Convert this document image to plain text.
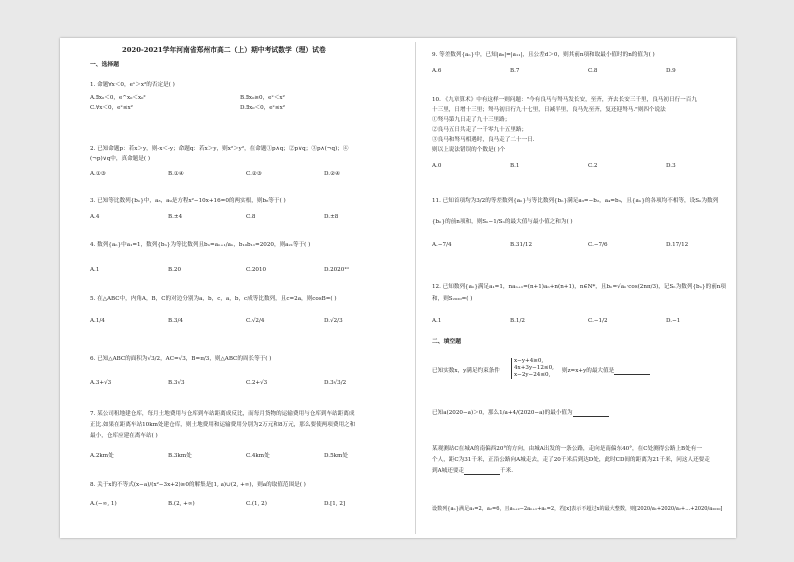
2020-2021学年河南省郑州市高二（上）期中考试数学（理）试卷
一、选择题
1. 命题∀x＜0，eˣ＞x²的否定是( )
A.∃x₀＜0，e^x₀＜x₀²	B.∃x₀≥0，eˣ＜x²
C.∀x＜0，eˣ≤x²	D.∃x₀＜0，eˣ≤x²
2. 已知命题p：若x＞y，则-x＜-y；命题q：若x＞y，则x²＞y²，在命题①p∧q；②p∨q；③p∧(¬q)；④
(¬p)∨q中，真命题是( )
A.①③	B.①④	C.②③	D.②④
3. 已知等比数列{bₙ}中，a₃，a₉是方程x²−10x+16=0的两实根，则b₆等于( )
A.4	B.±4	C.8	D.±8
4. 数列{aₙ}中a₁=1，数列{bₙ}为等比数列且bₙ=aₙ₊₁/aₙ，b₁₀b₁₁=2020，则a₂₁等于( )
A.1	B.20	C.2010	D.2020¹⁰
5. 在△ABC中，内角A，B，C的对边分别为a，b，c，a，b，c成等比数列，且c=2a，则cosB=( )
A.1/4	B.3/4	C.√2/4	D.√2/3
6. 已知△ABC的面积为√3/2，AC=√3，B=π/3，则△ABC的周长等于( )
A.3+√3	B.3√3	C.2+√3	D.3√3/2
7. 某公司租地建仓库，每月土地费用与仓库到车站距离成反比，而每月货物的运输费用与仓库到车站距离成
正比.如果在距离车站10km处建仓库，则土地费用和运输费用分别为2万元和8万元，那么要使两项费用之和
最小，仓库应建在离车站( )
A.2km处	B.3km处	C.4km处	D.5km处
8. 关于x的不等式(x−a)/(x²−3x+2)≥0的解集是[1, a)∪(2, +∞)，则a的取值范围是( )
A.(−∞, 1)	B.(2, +∞)	C.(1, 2)	D.[1, 2]
9. 等差数列{aₙ}中，已知|a₆|=|a₁₁|，且公差d＞0，则其前n项和取最小值时的n的值为( )
A.6	B.7	C.8	D.9
10. 《九章算术》中有这样一则问题："今有良马与驽马发长安，至齐，齐去长安三千里，良马初日行一百九
十三里，日增十三里；驽马初日行九十七里，日减半里，良马先至齐，复还迎驽马."则四个说法
①驽马第九日走了九十三里路；
②良马五日共走了一千零九十五里路；
③良马和驽马相遇时，良马走了二十一日.
则以上说法错误的个数是( )个
A.0	B.1	C.2	D.3
11. 已知首项均为3/2的等差数列{aₙ}与等比数列{bₙ}满足a₃=−b₂，a₄=b₃，且{aₙ}的各项均不相等，设Sₙ为数列
{bₙ}的前n项和，则Sₙ−1/Sₙ的最大值与最小值之和为( )
A.−7/4	B.31/12	C.−7/6	D.17/12
12. 已知数列{aₙ}满足a₁=1，naₙ₊₁=(n+1)aₙ+n(n+1)，n∈N*，且bₙ=√aₙ·cos(2nπ/3)，记Sₙ为数列{bₙ}的前n项
和，则S₂₀₂₀=( )
A.1	B.1/2	C.−1/2	D.−1
二、填空题
已知实数x，y满足约束条件
x−y+4≥0,
4x+3y−12≤0,
x−2y−24≤0,
则z=x+y的最大值是
已知a(2020−a)＞0，那么1/a+4/(2020−a)的最小值为
某观测站C在城A的南偏西20°的方向，由城A出发的一条公路，走向是南偏东40°，在C处测得公路上B处有一
个人，距C为31千米，正沿公路向A城走去，走了20千米后到达D处，此时CD间的距离为21千米，问这人还要走
到A城还要走	千米.
设数列{aₙ}满足a₁=2，a₂=6，且aₙ₊₂−2aₙ₊₁+aₙ=2，若[x]表示不超过x的最大整数，则[2020/a₁+2020/a₂+…+2020/a₂₀₂₀]
